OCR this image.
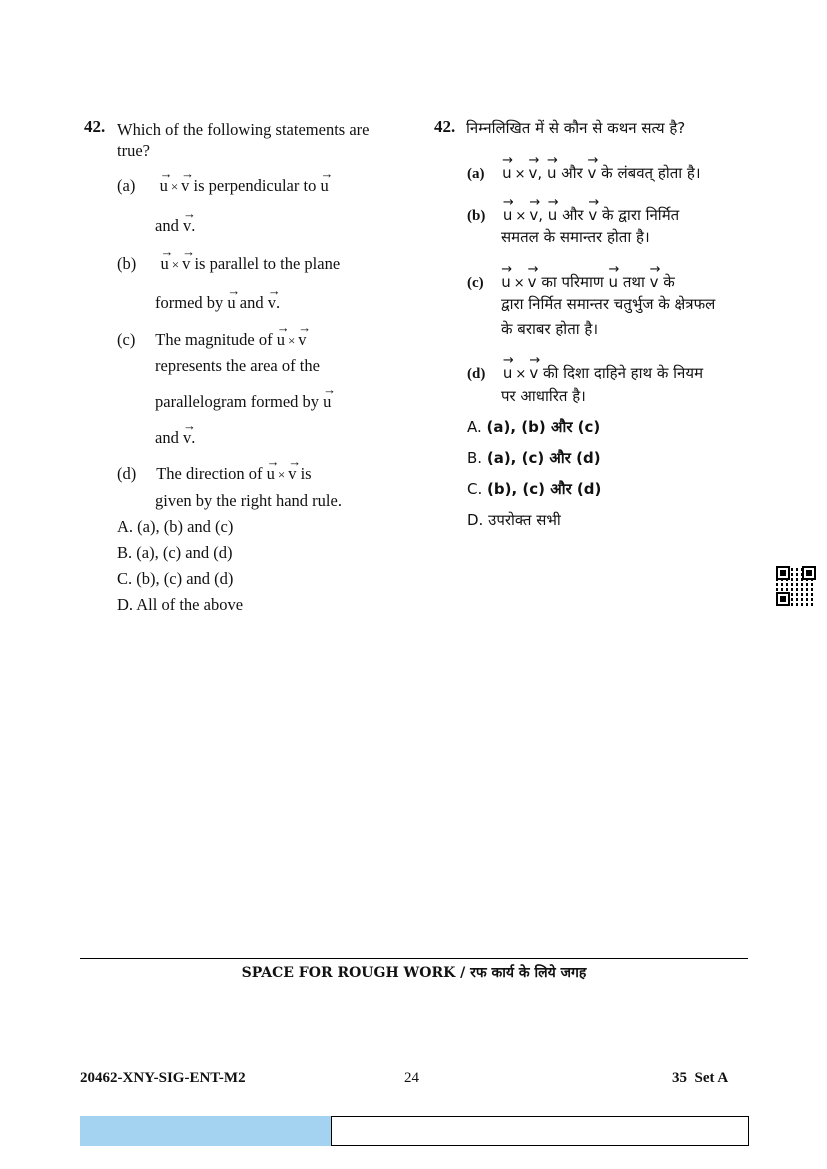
42. Which of the following statements are
true?
(a) → u × → v is perpendicular to → u
and → v.
(b) → u × → v is parallel to the plane
formed by → u and → v.
(c) The magnitude of → u × → v
represents the area of the
parallelogram formed by → u
and → v.
(d) The direction of → u × → v is
given by the right hand rule.
A. (a), (b) and (c)
B. (a), (c) and (d)
C. (b), (c) and (d)
D. All of the above
42. निम्नलिखित में से कौन से कथन सत्य है?
(a) → u × → v, → u और → v के लंबवत् होता है।
(b) → u × → v, → u और → v के द्वारा निर्मित
समतल के समान्तर होता है।
(c) → u × → v का परिमाण → u तथा → v के
द्वारा निर्मित समान्तर चतुर्भुज के क्षेत्रफल
के बराबर होता है।
(d) → u × → v की दिशा दाहिने हाथ के नियम
पर आधारित है।
A. (a), (b) और (c)
B. (a), (c) और (d)
C. (b), (c) और (d)
D. उपरोक्त सभी
SPACE FOR ROUGH WORK / रफ कार्य के लिये जगह
20462-XNY-SIG-ENT-M2	24	35  Set A
